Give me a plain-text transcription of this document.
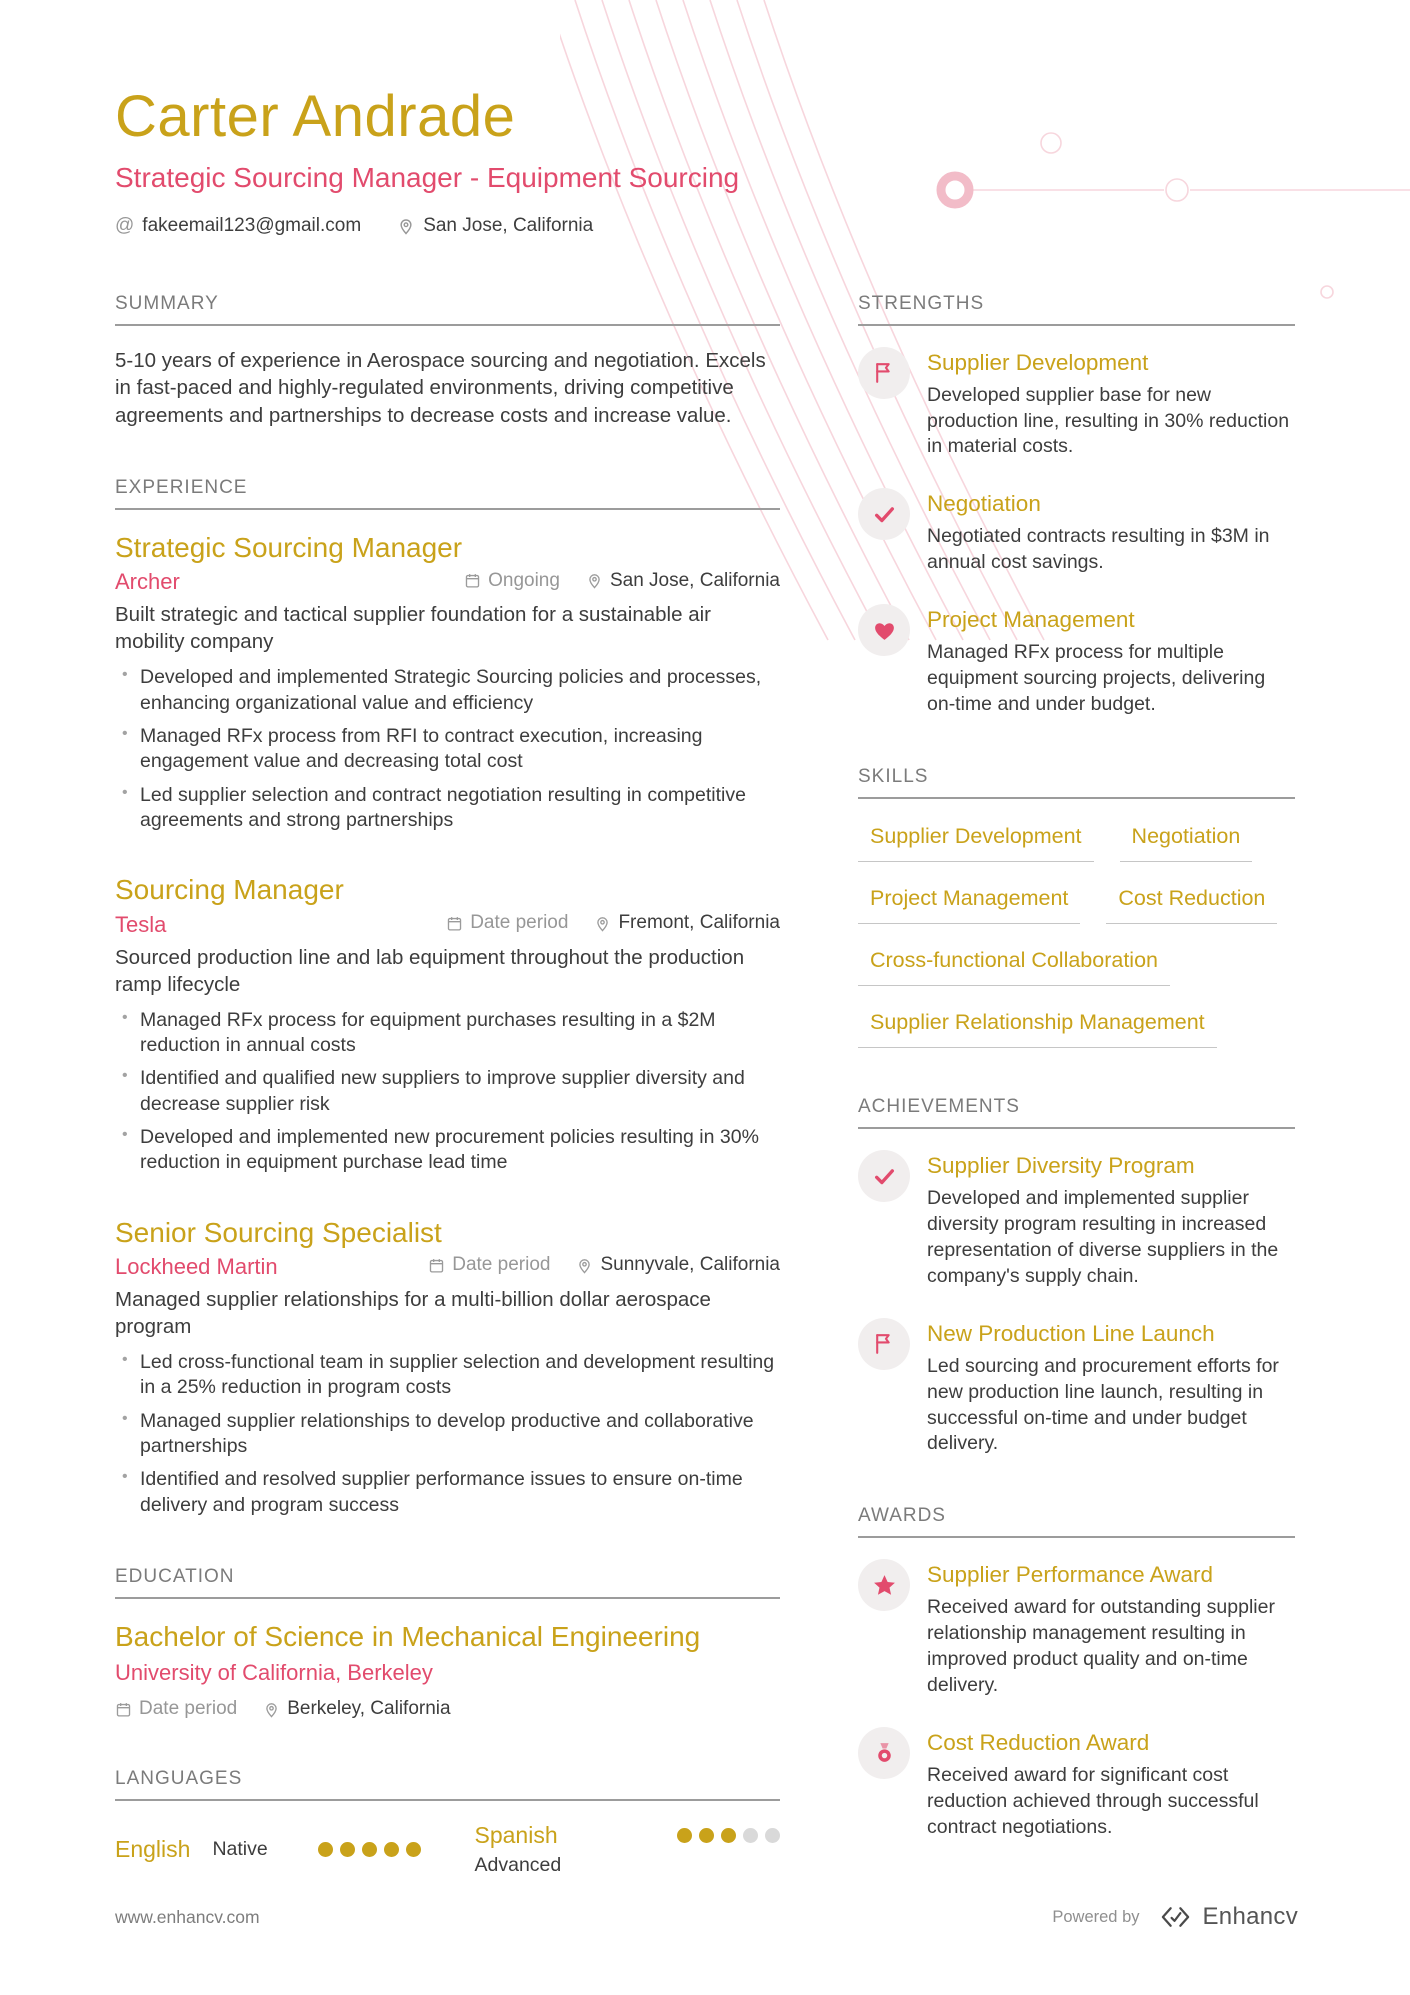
Carter Andrade
Strategic Sourcing Manager - Equipment Sourcing
@ fakeemail123@gmail.com	San Jose, California
SUMMARY

5-10 years of experience in Aerospace sourcing and negotiation. Excels in fast-paced and highly-regulated environments, driving competitive agreements and partnerships to decrease costs and increase value.

EXPERIENCE
Strategic Sourcing Manager
Archer	Ongoing	San Jose, California

Built strategic and tactical supplier foundation for a sustainable air mobility company

• Developed and implemented Strategic Sourcing policies and processes, enhancing organizational value and efficiency
• Managed RFx process from RFI to contract execution, increasing engagement value and decreasing total cost
• Led supplier selection and contract negotiation resulting in competitive agreements and strong partnerships
Sourcing Manager
Tesla	Date period	Fremont, California

Sourced production line and lab equipment throughout the production ramp lifecycle

• Managed RFx process for equipment purchases resulting in a $2M reduction in annual costs
• Identified and qualified new suppliers to improve supplier diversity and decrease supplier risk
• Developed and implemented new procurement policies resulting in 30% reduction in equipment purchase lead time
Senior Sourcing Specialist
Lockheed Martin	Date period	Sunnyvale, California

Managed supplier relationships for a multi-billion dollar aerospace program

• Led cross-functional team in supplier selection and development resulting in a 25% reduction in program costs
• Managed supplier relationships to develop productive and collaborative partnerships
• Identified and resolved supplier performance issues to ensure on-time delivery and program success
EDUCATION
Bachelor of Science in Mechanical Engineering
University of California, Berkeley
Date period	Berkeley, California
LANGUAGES
English Native
Spanish
Advanced
STRENGTHS
Supplier Development
Developed supplier base for new production line, resulting in 30% reduction in material costs.
Negotiation
Negotiated contracts resulting in $3M in annual cost savings.
Project Management
Managed RFx process for multiple equipment sourcing projects, delivering on-time and under budget.
SKILLS
Supplier Development	Negotiation
Project Management	Cost Reduction
Cross-functional Collaboration
Supplier Relationship Management
ACHIEVEMENTS
Supplier Diversity Program
Developed and implemented supplier diversity program resulting in increased representation of diverse suppliers in the company's supply chain.
New Production Line Launch
Led sourcing and procurement efforts for new production line launch, resulting in successful on-time and under budget delivery.
AWARDS
Supplier Performance Award
Received award for outstanding supplier relationship management resulting in improved product quality and on-time delivery.
Cost Reduction Award
Received award for significant cost reduction achieved through successful contract negotiations.
www.enhancv.com	Powered by	Enhancv
